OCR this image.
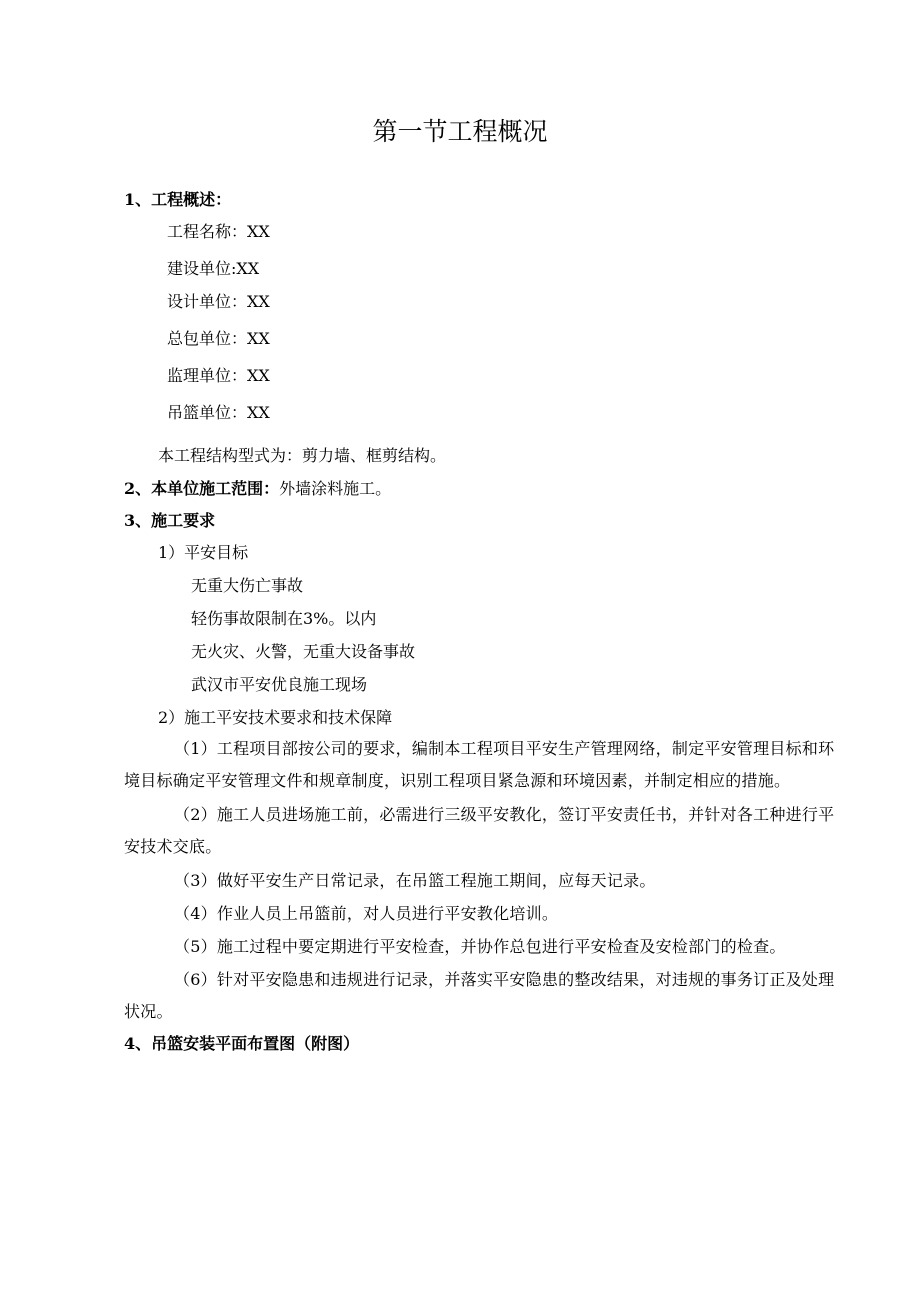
第一节工程概况
1、工程概述：
工程名称：XX
建设单位:XX
设计单位：XX
总包单位：XX
监理单位：XX
吊篮单位：XX
本工程结构型式为：剪力墙、框剪结构。
2、本单位施工范围：外墙涂料施工。
3、施工要求
1）平安目标
无重大伤亡事故
轻伤事故限制在3%。以内
无火灾、火警，无重大设备事故
武汉市平安优良施工现场
2）施工平安技术要求和技术保障
（1）工程项目部按公司的要求，编制本工程项目平安生产管理网络，制定平安管理目标和环境目标确定平安管理文件和规章制度，识别工程项目紧急源和环境因素，并制定相应的措施。
（2）施工人员进场施工前，必需进行三级平安教化，签订平安责任书，并针对各工种进行平安技术交底。
（3）做好平安生产日常记录，在吊篮工程施工期间，应每天记录。
（4）作业人员上吊篮前，对人员进行平安教化培训。
（5）施工过程中要定期进行平安检查，并协作总包进行平安检查及安检部门的检查。
（6）针对平安隐患和违规进行记录，并落实平安隐患的整改结果，对违规的事务订正及处理状况。
4、吊篮安装平面布置图（附图）
